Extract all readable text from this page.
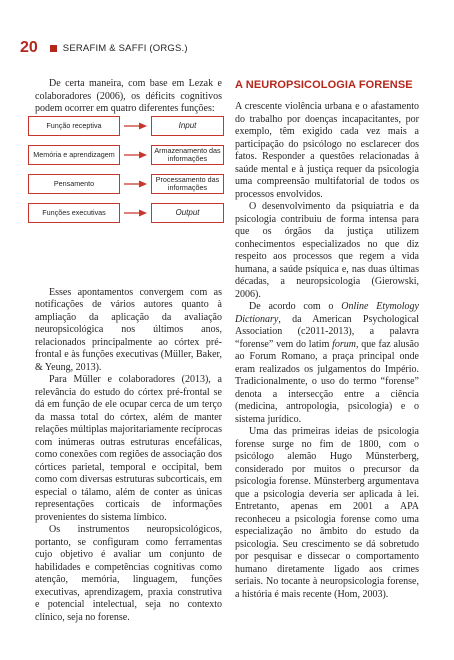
20	SERAFIM & SAFFI (ORGS.)

De certa maneira, com base em Lezak e colaboradores (2006), os déficits cognitivos podem ocorrer em quatro diferentes funções:

Esses apontamentos convergem com as notificações de vários autores quanto à ampliação da aplicação da avaliação neuropsicológica nos últimos anos, relacionados principalmente ao córtex pré-frontal e às funções executivas (Müller, Baker, & Yeung, 2013).

Para Müller e colaboradores (2013), a relevância do estudo do córtex pré-frontal se dá em função de ele ocupar cerca de um terço da massa total do córtex, além de manter relações múltiplas majoritariamente recíprocas com inúmeras outras estruturas encefálicas, como conexões com regiões de associação dos córtices parietal, temporal e occipital, bem como com diversas estruturas subcorticais, em especial o tálamo, além de conter as únicas representações corticais de informações provenientes do sistema límbico.

Os instrumentos neuropsicológicos, portanto, se configuram como ferramentas cujo objetivo é avaliar um conjunto de habilidades e competências cognitivas como atenção, memória, linguagem, funções executivas, aprendizagem, praxia construtiva e potencial intelectual, seja no contexto clínico, seja no forense.

Função receptiva
Memória e aprendizagem
Pensamento
Funções executivas
Input
Armazenamento das informações
Processamento das informações
Output
A NEUROPSICOLOGIA FORENSE

A crescente violência urbana e o afastamento do trabalho por doenças incapacitantes, por exemplo, têm exigido cada vez mais a participação do psicólogo no esclarecer dos fatos. Responder a questões relacionadas à saúde mental e à justiça requer da psicologia uma compreensão multifatorial de todos os processos envolvidos.

O desenvolvimento da psiquiatria e da psicologia contribuiu de forma intensa para que os órgãos da justiça utilizem conhecimentos especializados no que diz respeito aos processos que regem a vida humana, a saúde psíquica e, nas duas últimas décadas, a neuropsicologia (Gierowski, 2006).

De acordo com o Online Etymology Dictionary, da American Psychological Association (c2011-2013), a palavra “forense” vem do latim forum, que faz alusão ao Forum Romano, a praça principal onde eram realizados os julgamentos do Império. Tradicionalmente, o uso do termo “forense” denota a intersecção entre a ciência (medicina, antropologia, psicologia) e o sistema jurídico.

Uma das primeiras ideias de psicologia forense surge no fim de 1800, com o psicólogo alemão Hugo Münsterberg, considerado por muitos o precursor da psicologia forense. Münsterberg argumentava que a psicologia deveria ser aplicada à lei. Entretanto, apenas em 2001 a APA reconheceu a psicologia forense como uma especialização no âmbito do estudo da psicologia. Seu crescimento se dá sobretudo por pesquisar e dissecar o comportamento humano diretamente ligado aos crimes seriais. No tocante à neuropsicologia forense, a história é mais recente (Hom, 2003).
